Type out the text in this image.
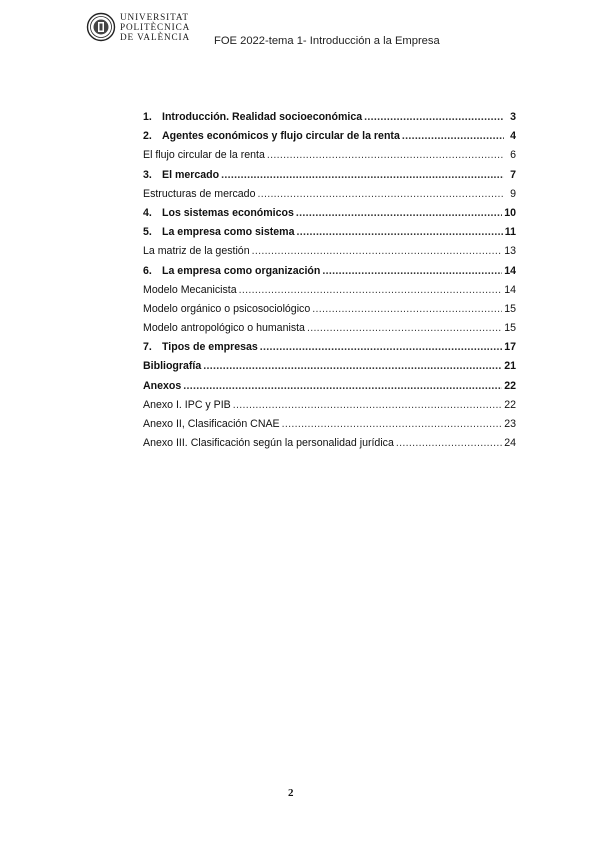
UNIVERSITAT
POLITÈCNICA
DE VALÈNCIA FOE 2022-tema 1- Introducción a la Empresa
1. Introducción. Realidad socioeconómica .....	3
2. Agentes económicos y flujo circular de la renta .....	4
El flujo circular de la renta .....	6
3. El mercado .....	7
Estructuras de mercado .....	9
4. Los sistemas económicos .....	10
5. La empresa como sistema .....	11
La matriz de la gestión .....	13
6. La empresa como organización .....	14
Modelo Mecanicista .....	14
Modelo orgánico o psicosociológico .....	15
Modelo antropológico o humanista .....	15
7. Tipos de empresas .....	17
Bibliografía .....	21
Anexos .....	22
Anexo I. IPC y PIB .....	22
Anexo II, Clasificación CNAE .....	23
Anexo III. Clasificación según la personalidad jurídica .....	24
2
